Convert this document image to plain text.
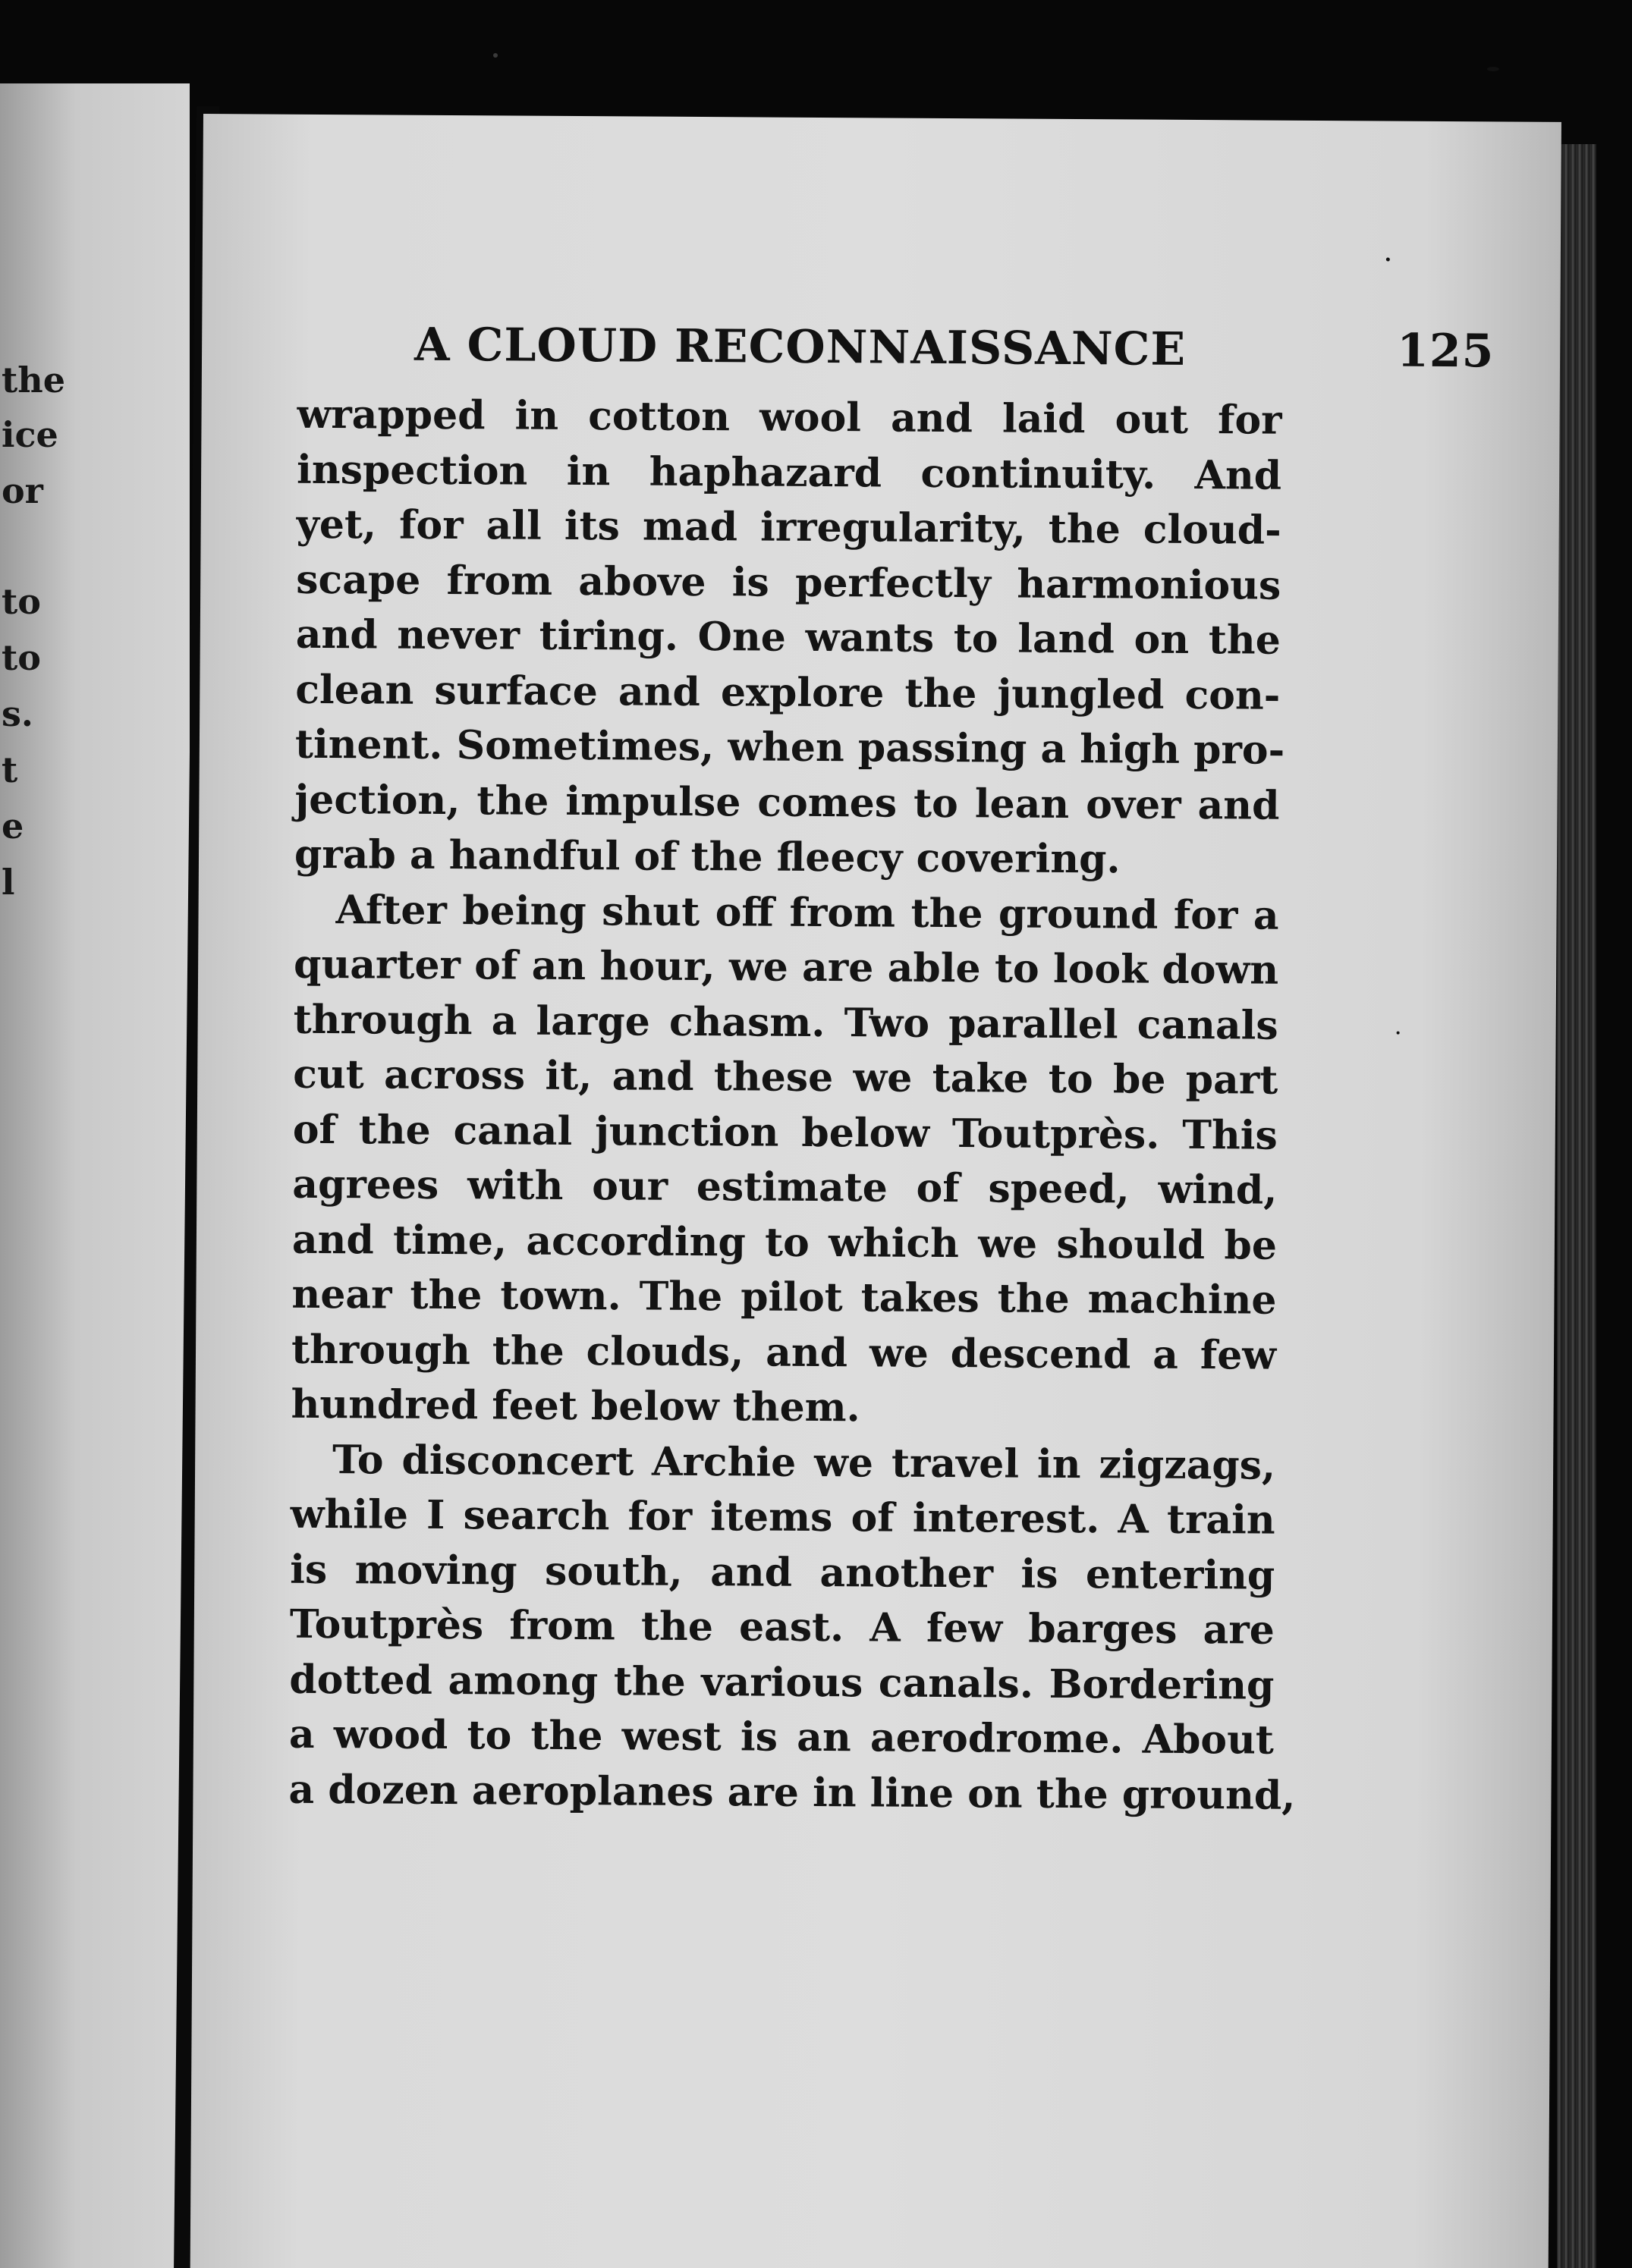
the
ice
or
to
to
s.
t
e
l
A CLOUD RECONNAISSANCE	125
wrapped in cotton wool and laid out for
inspection in haphazard continuity. And
yet, for all its mad irregularity, the cloud-
scape from above is perfectly harmonious
and never tiring. One wants to land on the
clean surface and explore the jungled con-
tinent. Sometimes, when passing a high pro-
jection, the impulse comes to lean over and
grab a handful of the fleecy covering.
After being shut off from the ground for a
quarter of an hour, we are able to look down
through a large chasm. Two parallel canals
cut across it, and these we take to be part
of the canal junction below Toutprès. This
agrees with our estimate of speed, wind,
and time, according to which we should be
near the town. The pilot takes the machine
through the clouds, and we descend a few
hundred feet below them.
To disconcert Archie we travel in zigzags,
while I search for items of interest. A train
is moving south, and another is entering
Toutprès from the east. A few barges are
dotted among the various canals. Bordering
a wood to the west is an aerodrome. About
a dozen aeroplanes are in line on the ground,
